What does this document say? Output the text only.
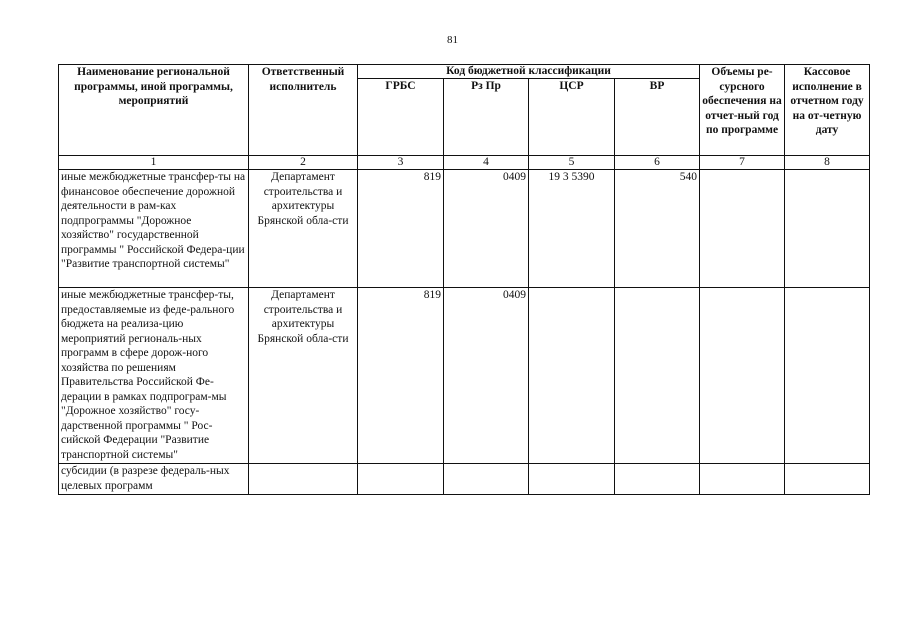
81
Наименование региональной программы, иной программы, мероприятий	Ответственный исполнитель	Код бюджетной классификации				Объемы ре-сурсного обеспечения на отчет-ный год по программе	Кассовое исполнение в отчетном году на от-четную дату
		ГРБС	Рз Пр	ЦСР	ВР		
1	2	3	4	5	6	7	8
иные межбюджетные трансфер-ты на финансовое обеспечение дорожной деятельности в рам-ках подпрограммы "Дорожное хозяйство" государственной программы " Российской Федера-ции "Развитие транспортной системы"	Департамент строительства и архитектуры Брянской обла-сти	819	0409	19 3 5390	540		
иные межбюджетные трансфер-ты, предоставляемые из феде-рального бюджета на реализа-цию мероприятий региональ-ных программ в сфере дорож-ного хозяйства по решениям Правительства Российской Фе-дерации в рамках подпрограм-мы "Дорожное хозяйство" госу-дарственной программы " Рос-сийской Федерации "Развитие транспортной системы"	Департамент строительства и архитектуры Брянской обла-сти	819	0409				
субсидии (в разрезе федераль-ных целевых программ							
